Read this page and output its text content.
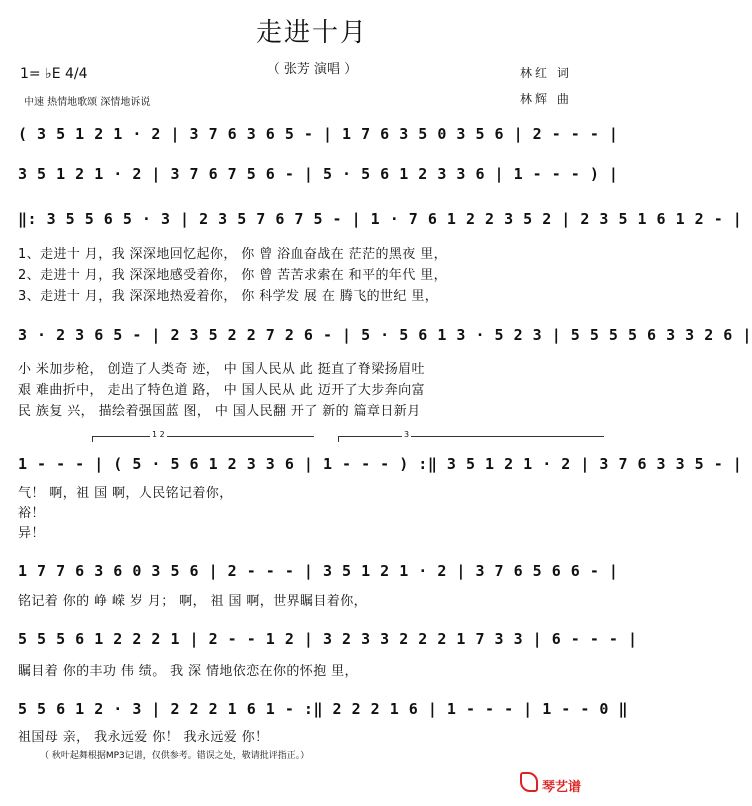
走进十月
（ 张芳 演唱 ）
1= ♭E 4/4
中速 热情地歌颂 深情地诉说
林红 词
林辉 曲
( 3 5 1 2 1 · 2 | 3 7 6 3 6 5 - | 1 7 6 3 5 0 3 5 6 | 2 - - - |
3 5 1 2 1 · 2 | 3 7 6 7 5 6 - | 5 · 5 6 1 2 3 3 6 | 1 - - - ) |
‖: 3 5 5 6 5 · 3 | 2 3 5 7 6 7 5 - | 1 · 7 6 1 2 2 3 5 2 | 2 3 5 1 6 1 2 - |
1、走进十 月，我 深深地回忆起你， 你 曾 浴血奋战在 茫茫的黑夜 里，
2、走进十 月，我 深深地感受着你， 你 曾 苦苦求索在 和平的年代 里，
3、走进十 月，我 深深地热爱着你， 你 科学发 展 在 腾飞的世纪 里，
3 · 2 3 6 5 - | 2 3 5 2 2 7 2 6 - | 5 · 5 6 1 3 · 5 2 3 | 5 5 5 5 6 3 3 2 6 |
小 米加步枪， 创造了人类奇 迹， 中 国人民从 此 挺直了脊梁扬眉吐
艰 难曲折中， 走出了特色道 路， 中 国人民从 此 迈开了大步奔向富
民 族复 兴， 描绘着强国蓝 图， 中 国人民翻 开了 新的 篇章日新月
1 2	3
1 - - - | ( 5 · 5 6 1 2 3 3 6 | 1 - - - ) :‖ 3 5 1 2 1 · 2 | 3 7 6 3 3 5 - |
气！ 啊，祖 国 啊，人民铭记着你，
裕！
异！
1 7 7 6 3 6 0 3 5 6 | 2 - - - | 3 5 1 2 1 · 2 | 3 7 6 5 6 6 - |
铭记着 你的 峥 嵘 岁 月； 啊， 祖 国 啊，世界瞩目着你，
5 5 5 6 1 2 2 2 1 | 2 - - 1 2 | 3 2 3 3 2 2 2 1 7 3 3 | 6 - - - |
瞩目着 你的丰功 伟 绩。 我 深 情地依恋在你的怀抱 里，
5 5 6 1 2 · 3 | 2 2 2 1 6 1 - :‖ 2 2 2 1 6 | 1 - - - | 1 - - 0 ‖
祖国母 亲， 我永远爱 你！ 我永远爱 你！
（ 秋叶起舞根据MP3记谱，仅供参考。错误之处，敬请批评指正。）
琴艺谱
